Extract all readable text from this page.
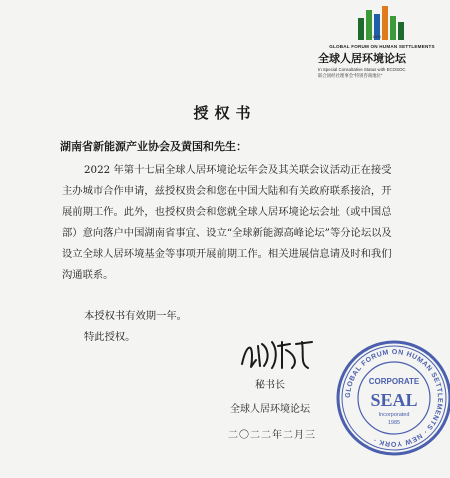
1985
GLOBAL FORUM ON HUMAN SETTLEMENTS
全球人居环境论坛
In Special Consultative Status with ECOSOC
联合国经社理事会“特别咨商地位”
授权书
湖南省新能源产业协会及黄国和先生：
2022 年第十七届全球人居环境论坛年会及其关联会议活动正在接受主办城市合作申请，兹授权贵会和您在中国大陆和有关政府联系接洽，开展前期工作。此外，也授权贵会和您就全球人居环境论坛会址（或中国总部）意向落户中国湖南省事宜、设立“全球新能源高峰论坛”等分论坛以及设立全球人居环境基金等事项开展前期工作。相关进展信息请及时和我们沟通联系。
本授权书有效期一年。
特此授权。
秘书长
全球人居环境论坛
二〇二二年二月三
GLOBAL FORUM ON HUMAN SETTLEMENTS · NEW YORK ·
CORPORATE
SEAL
Incorporated
1985
